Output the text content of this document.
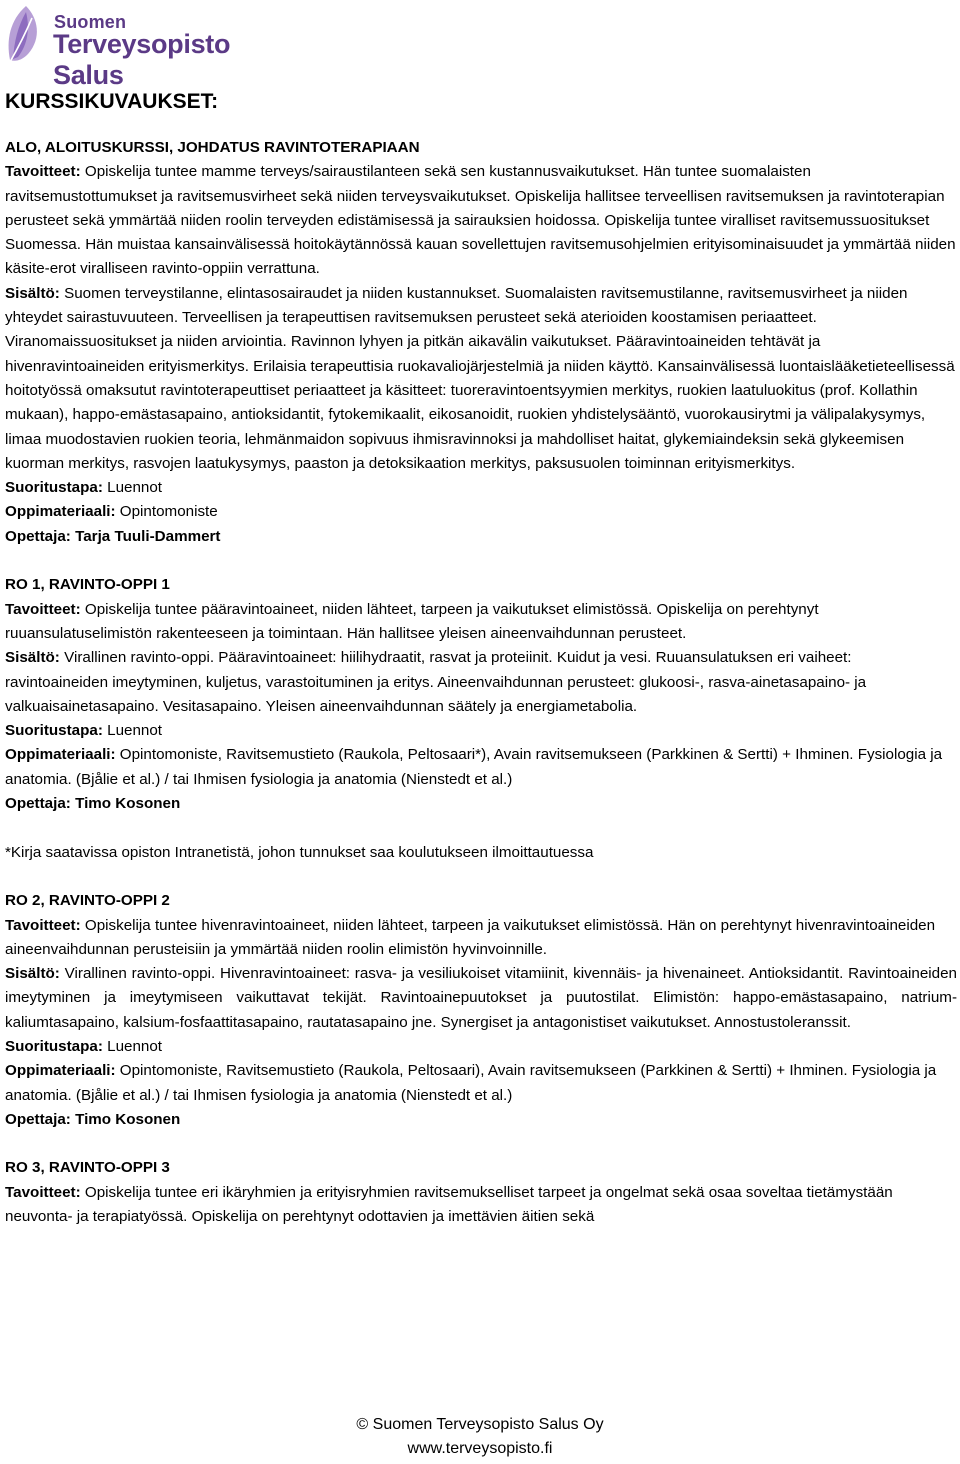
Suomen
Terveysopisto Salus
KURSSIKUVAUKSET:

ALO, ALOITUSKURSSI, JOHDATUS RAVINTOTERAPIAAN

Tavoitteet: Opiskelija tuntee mamme terveys/sairaustilanteen sekä sen kustannusvaikutukset. Hän tuntee suomalaisten ravitsemustottumukset ja ravitsemusvirheet sekä niiden terveysvaikutukset. Opiskelija hallitsee terveellisen ravitsemuksen ja ravintoterapian perusteet sekä ymmärtää niiden roolin terveyden edistämisessä ja sairauksien hoidossa. Opiskelija tuntee viralliset ravitsemussuositukset Suomessa. Hän muistaa kansainvälisessä hoitokäytännössä kauan sovellettujen ravitsemusohjelmien erityisominaisuudet ja ymmärtää niiden käsite-erot viralliseen ravinto-oppiin verrattuna.

Sisältö: Suomen terveystilanne, elintasosairaudet ja niiden kustannukset. Suomalaisten ravitsemustilanne, ravitsemusvirheet ja niiden yhteydet sairastuvuuteen. Terveellisen ja terapeuttisen ravitsemuksen perusteet sekä aterioiden koostamisen periaatteet. Viranomaissuositukset ja niiden arviointia. Ravinnon lyhyen ja pitkän aikavälin vaikutukset. Pääravintoaineiden tehtävät ja hivenravintoaineiden erityismerkitys. Erilaisia terapeuttisia ruokavaliojärjestelmiä ja niiden käyttö. Kansainvälisessä luontaislääketieteellisessä hoitotyössä omaksutut ravintoterapeuttiset periaatteet ja käsitteet: tuoreravintoentsyymien merkitys, ruokien laatuluokitus (prof. Kollathin mukaan), happo-emästasapaino, antioksidantit, fytokemikaalit, eikosanoidit, ruokien yhdistelysääntö, vuorokausirytmi ja välipalakysymys, limaa muodostavien ruokien teoria, lehmänmaidon sopivuus ihmisravinnoksi ja mahdolliset haitat, glykemiaindeksin sekä glykeemisen kuorman merkitys, rasvojen laatukysymys, paaston ja detoksikaation merkitys, paksusuolen toiminnan erityismerkitys.

Suoritustapa: Luennot

Oppimateriaali: Opintomoniste

Opettaja: Tarja Tuuli-Dammert

RO 1, RAVINTO-OPPI 1

Tavoitteet: Opiskelija tuntee pääravintoaineet, niiden lähteet, tarpeen ja vaikutukset elimistössä. Opiskelija on perehtynyt ruuansulatuselimistön rakenteeseen ja toimintaan. Hän hallitsee yleisen aineenvaihdunnan perusteet.

Sisältö: Virallinen ravinto-oppi. Pääravintoaineet: hiilihydraatit, rasvat ja proteiinit. Kuidut ja vesi. Ruuansulatuksen eri vaiheet: ravintoaineiden imeytyminen, kuljetus, varastoituminen ja eritys. Aineenvaihdunnan perusteet: glukoosi-, rasva-ainetasapaino- ja valkuaisainetasapaino. Vesitasapaino. Yleisen aineenvaihdunnan säätely ja energiametabolia.

Suoritustapa: Luennot

Oppimateriaali: Opintomoniste, Ravitsemustieto (Raukola, Peltosaari*), Avain ravitsemukseen (Parkkinen & Sertti) + Ihminen. Fysiologia ja anatomia. (Bjålie et al.) / tai Ihmisen fysiologia ja anatomia (Nienstedt et al.)

Opettaja: Timo Kosonen

*Kirja saatavissa opiston Intranetistä, johon tunnukset saa koulutukseen ilmoittautuessa

RO 2, RAVINTO-OPPI 2

Tavoitteet: Opiskelija tuntee hivenravintoaineet, niiden lähteet, tarpeen ja vaikutukset elimistössä. Hän on perehtynyt hivenravintoaineiden aineenvaihdunnan perusteisiin ja ymmärtää niiden roolin elimistön hyvinvoinnille.

Sisältö: Virallinen ravinto-oppi. Hivenravintoaineet: rasva- ja vesiliukoiset vitamiinit, kivennäis- ja hivenaineet. Antioksidantit. Ravintoaineiden imeytyminen ja imeytymiseen vaikuttavat tekijät. Ravintoainepuutokset ja puutostilat. Elimistön: happo-emästasapaino, natrium-kaliumtasapaino, kalsium-fosfaattitasapaino, rautatasapaino jne. Synergiset ja antagonistiset vaikutukset. Annostustoleranssit.

Suoritustapa: Luennot

Oppimateriaali: Opintomoniste, Ravitsemustieto (Raukola, Peltosaari), Avain ravitsemukseen (Parkkinen & Sertti) + Ihminen. Fysiologia ja anatomia. (Bjålie et al.) / tai Ihmisen fysiologia ja anatomia (Nienstedt et al.)

Opettaja: Timo Kosonen

RO 3, RAVINTO-OPPI 3

Tavoitteet: Opiskelija tuntee eri ikäryhmien ja erityisryhmien ravitsemukselliset tarpeet ja ongelmat sekä osaa soveltaa tietämystään neuvonta- ja terapiatyössä. Opiskelija on perehtynyt odottavien ja imettävien äitien sekä

© Suomen Terveysopisto Salus Oy
www.terveysopisto.fi
